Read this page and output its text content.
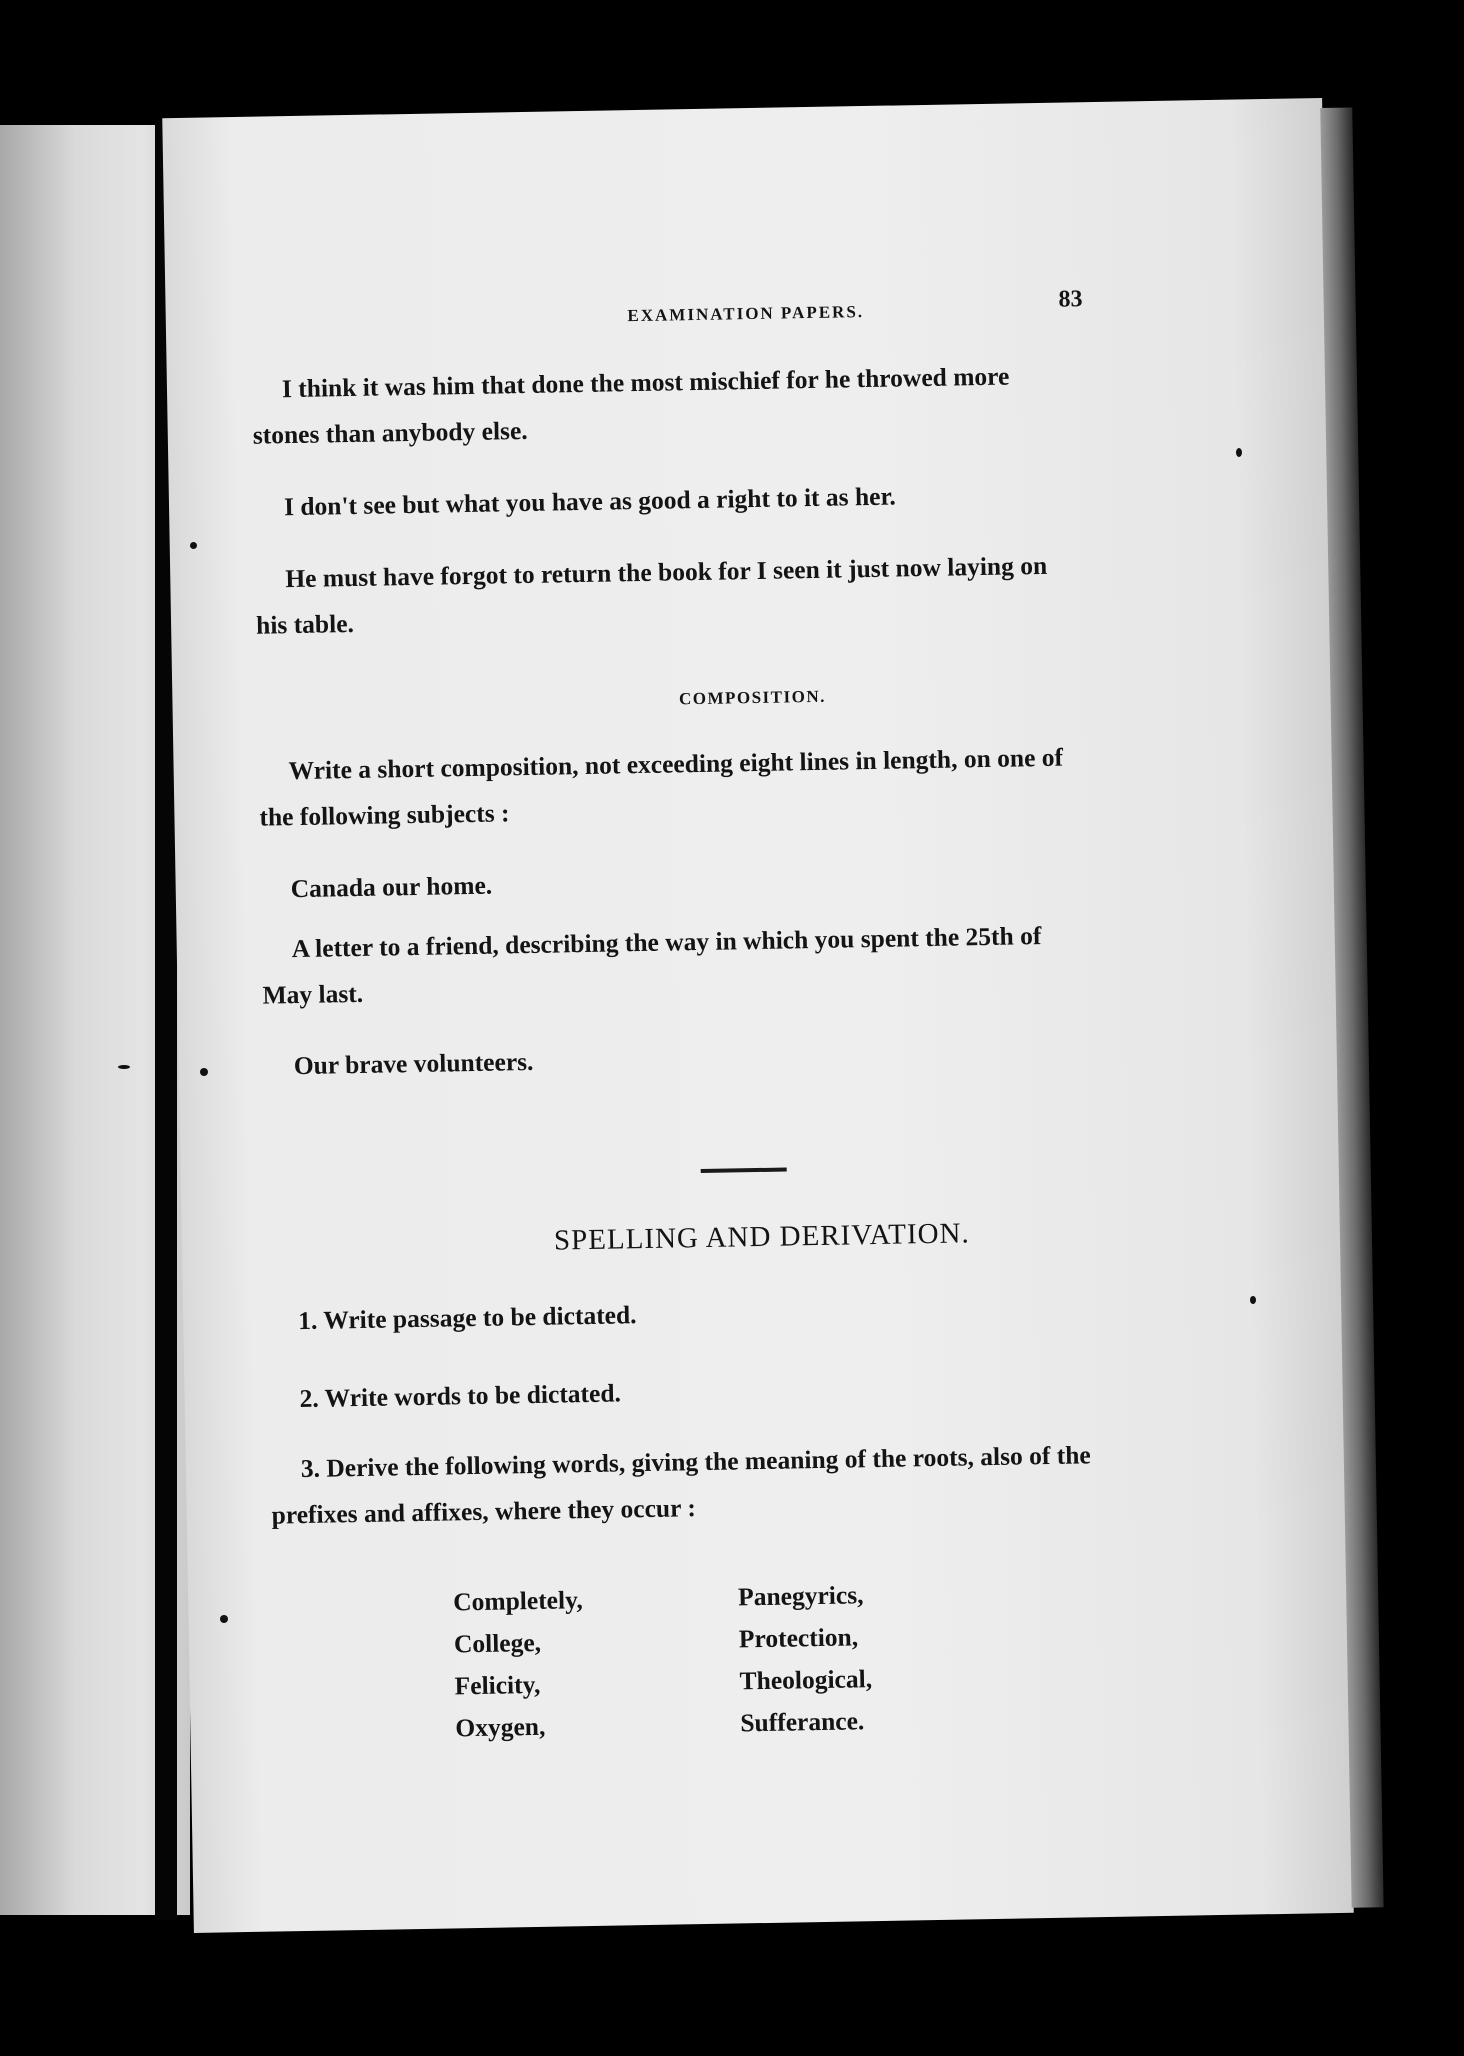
EXAMINATION PAPERS.
83

I think it was him that done the most mischief for he throwed more stones than anybody else.

I don't see but what you have as good a right to it as her.

He must have forgot to return the book for I seen it just now laying on his table.

COMPOSITION.

Write a short composition, not exceeding eight lines in length, on one of the following subjects :

Canada our home.

A letter to a friend, describing the way in which you spent the 25th of May last.

Our brave volunteers.
SPELLING AND DERIVATION.
1. Write passage to be dictated.
2. Write words to be dictated.

3. Derive the following words, giving the meaning of the roots, also of the prefixes and affixes, where they occur :

Completely,
College,
Felicity,
Oxygen,
Panegyrics,
Protection,
Theological,
Sufferance.
